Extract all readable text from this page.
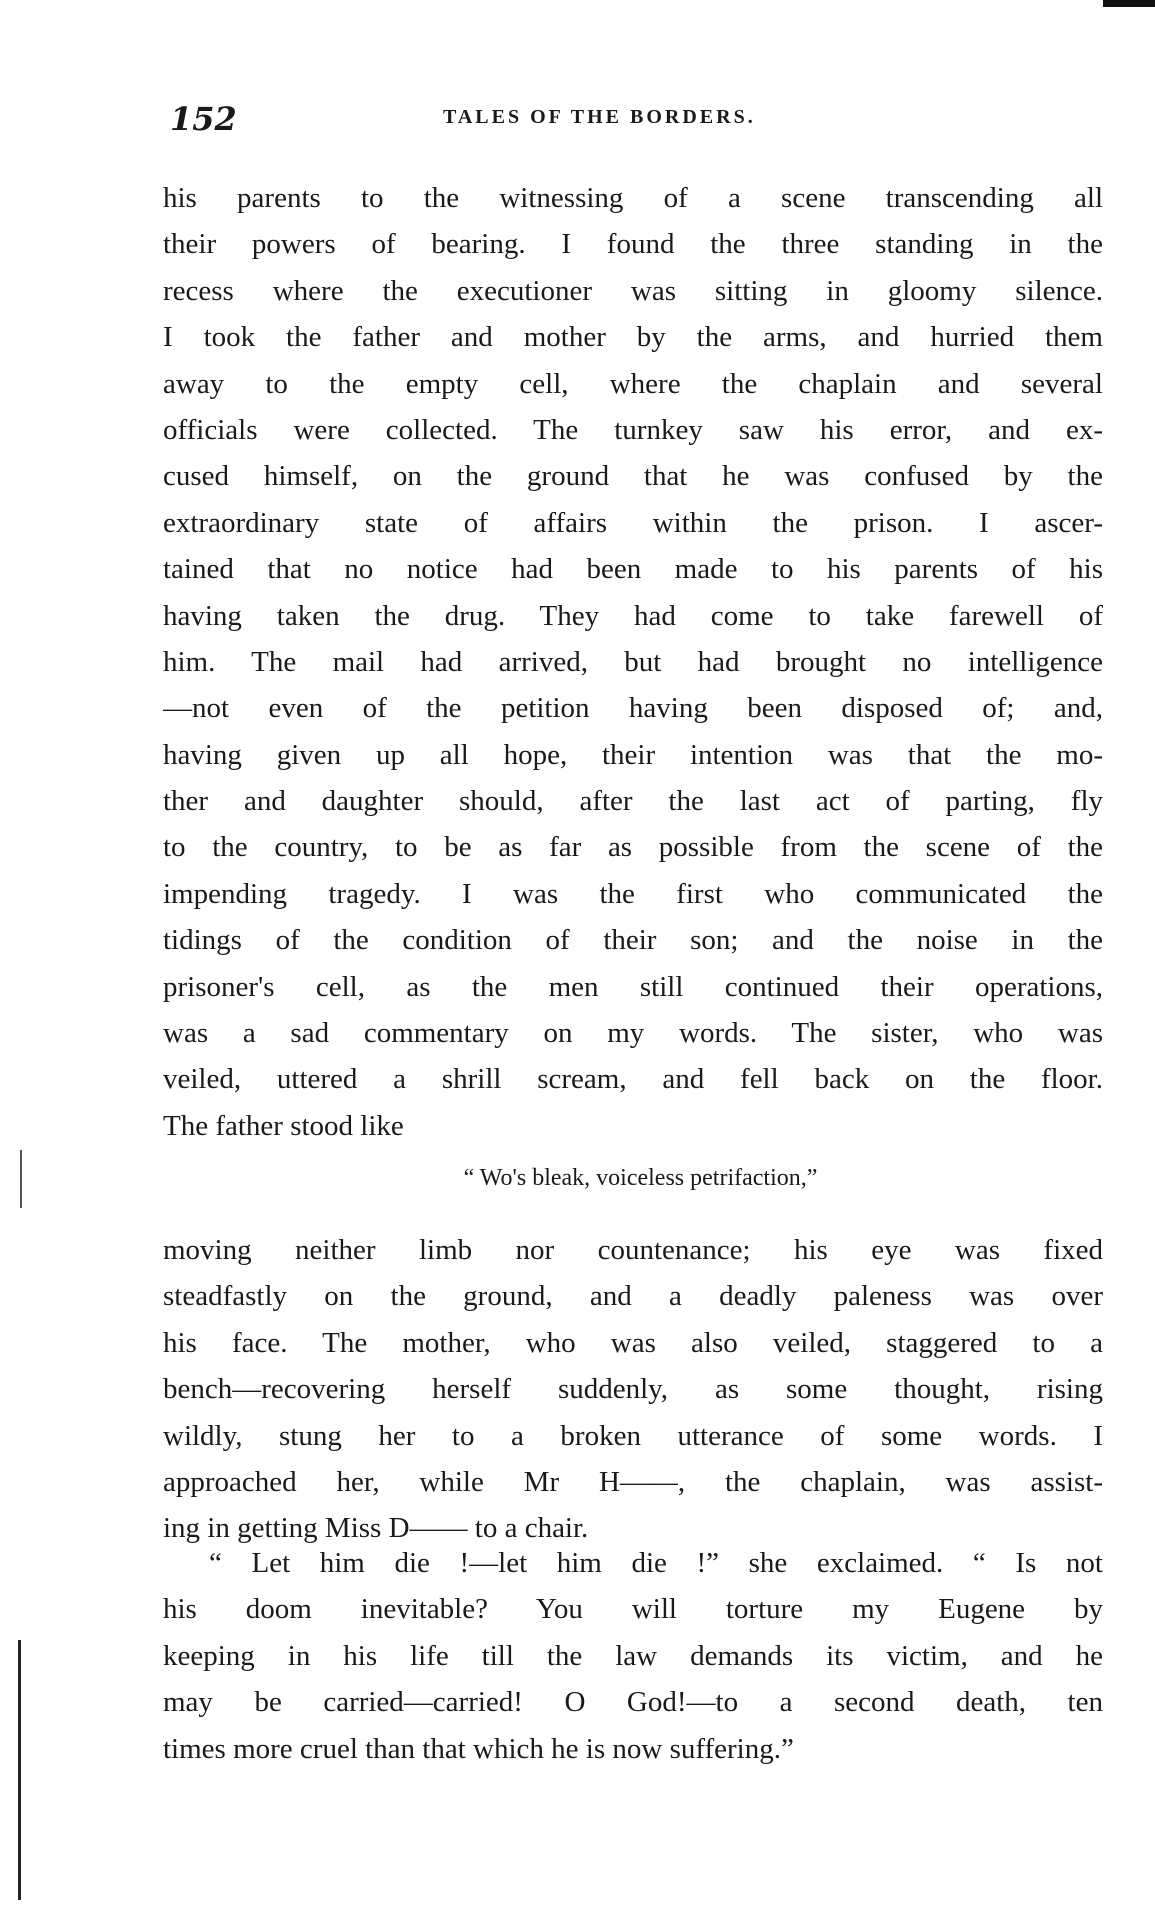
152	TALES OF THE BORDERS.
his parents to the witnessing of a scene transcending all
their powers of bearing. I found the three standing in the
recess where the executioner was sitting in gloomy silence.
I took the father and mother by the arms, and hurried them
away to the empty cell, where the chaplain and several
officials were collected. The turnkey saw his error, and ex-
cused himself, on the ground that he was confused by the
extraordinary state of affairs within the prison. I ascer-
tained that no notice had been made to his parents of his
having taken the drug. They had come to take farewell of
him. The mail had arrived, but had brought no intelligence
—not even of the petition having been disposed of; and,
having given up all hope, their intention was that the mo-
ther and daughter should, after the last act of parting, fly
to the country, to be as far as possible from the scene of the
impending tragedy. I was the first who communicated the
tidings of the condition of their son; and the noise in the
prisoner's cell, as the men still continued their operations,
was a sad commentary on my words. The sister, who was
veiled, uttered a shrill scream, and fell back on the floor.
The father stood like
“ Wo's bleak, voiceless petrifaction,”
moving neither limb nor countenance; his eye was fixed
steadfastly on the ground, and a deadly paleness was over
his face. The mother, who was also veiled, staggered to a
bench—recovering herself suddenly, as some thought, rising
wildly, stung her to a broken utterance of some words. I
approached her, while Mr H——, the chaplain, was assist-
ing in getting Miss D—— to a chair.
“ Let him die !—let him die !” she exclaimed. “ Is not
his doom inevitable? You will torture my Eugene by
keeping in his life till the law demands its victim, and he
may be carried—carried! O God!—to a second death, ten
times more cruel than that which he is now suffering.”
